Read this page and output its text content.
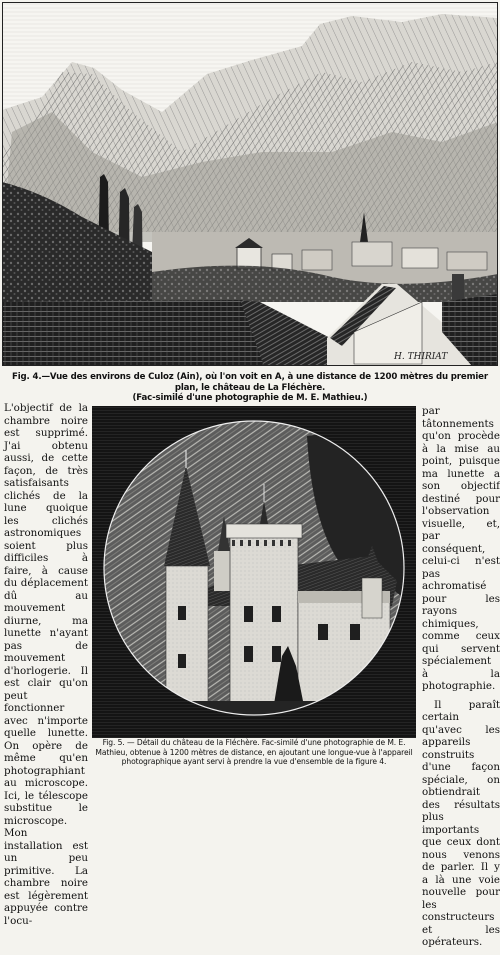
H. THIRIAT
Fig. 4.—Vue des environs de Culoz (Ain), où l'on voit en A, à une distance de 1200 mètres du premier plan, le château de La Fléchère.
(Fac-similé d'une photographie de M. E. Mathieu.)

L'objectif de la chambre noire est supprimé. J'ai obtenu aussi, de cette façon, de très satisfaisants clichés de la lune quoique les clichés astronomiques soient plus difficiles à faire, à cause du déplacement dû au mouvement diurne, ma lunette n'ayant pas de mouvement d'horlogerie. Il est clair qu'on peut fonctionner avec n'importe quelle lunette. On opère de même qu'en photographiant au microscope. Ici, le télescope substitue le microscope. Mon installation est un peu primitive. La chambre noire est légèrement appuyée contre l'ocu-

Fig. 5. — Détail du château de la Fléchère. Fac-similé d'une photographie de M. E. Mathieu, obtenue à 1200 mètres de distance, en ajoutant une longue-vue à l'appareil photographique ayant servi à prendre la vue d'ensemble de la figure 4.

par tâtonnements qu'on procède à la mise au point, puisque ma lunette a son objectif destiné pour l'observation visuelle, et, par conséquent, celui-ci n'est pas achromatisé pour les rayons chimiques, comme ceux qui servent spécialement à la photographie.

Il paraît certain qu'avec les appareils construits d'une façon spéciale, on obtiendrait des résultats plus importants que ceux dont nous venons de parler. Il y a là une voie nouvelle pour les constructeurs et les opérateurs.
